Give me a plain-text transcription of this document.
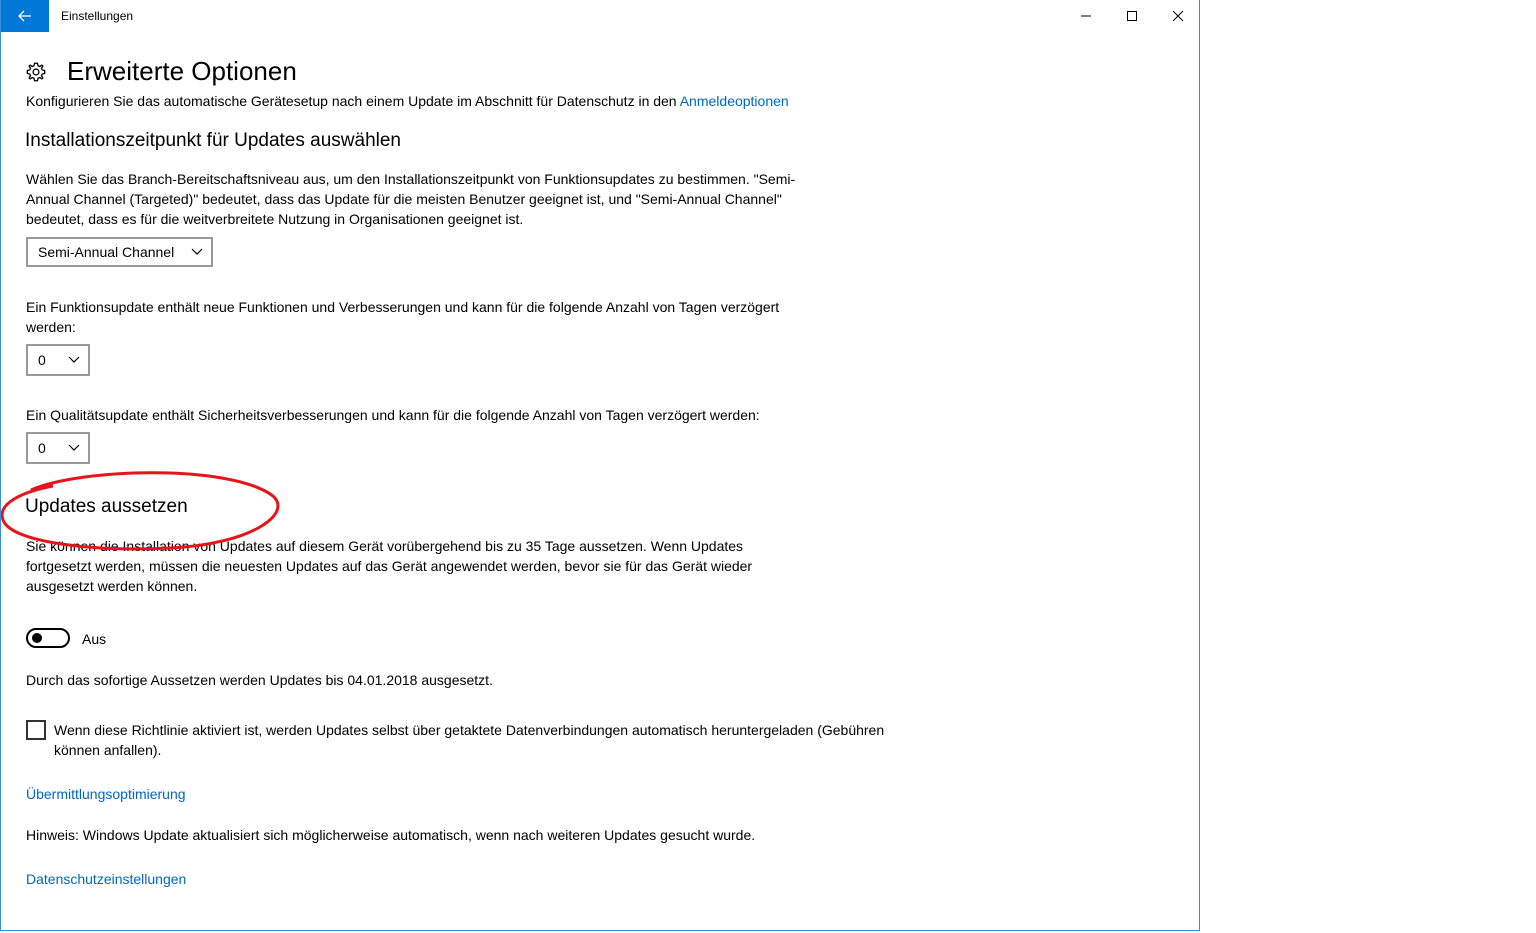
Einstellungen
Erweiterte Optionen
Konfigurieren Sie das automatische Gerätesetup nach einem Update im Abschnitt für Datenschutz in den Anmeldeoptionen
Installationszeitpunkt für Updates auswählen
Wählen Sie das Branch-Bereitschaftsniveau aus, um den Installationszeitpunkt von Funktionsupdates zu bestimmen. "Semi-Annual Channel (Targeted)" bedeutet, dass das Update für die meisten Benutzer geeignet ist, und "Semi-Annual Channel" bedeutet, dass es für die weitverbreitete Nutzung in Organisationen geeignet ist.
Semi-Annual Channel
Ein Funktionsupdate enthält neue Funktionen und Verbesserungen und kann für die folgende Anzahl von Tagen verzögert werden:
0
Ein Qualitätsupdate enthält Sicherheitsverbesserungen und kann für die folgende Anzahl von Tagen verzögert werden:
0
Updates aussetzen
Sie können die Installation von Updates auf diesem Gerät vorübergehend bis zu 35 Tage aussetzen. Wenn Updates fortgesetzt werden, müssen die neuesten Updates auf das Gerät angewendet werden, bevor sie für das Gerät wieder ausgesetzt werden können.
Aus
Durch das sofortige Aussetzen werden Updates bis 04.01.2018 ausgesetzt.
Wenn diese Richtlinie aktiviert ist, werden Updates selbst über getaktete Datenverbindungen automatisch heruntergeladen (Gebühren können anfallen).
Übermittlungsoptimierung
Hinweis: Windows Update aktualisiert sich möglicherweise automatisch, wenn nach weiteren Updates gesucht wurde.
Datenschutzeinstellungen
